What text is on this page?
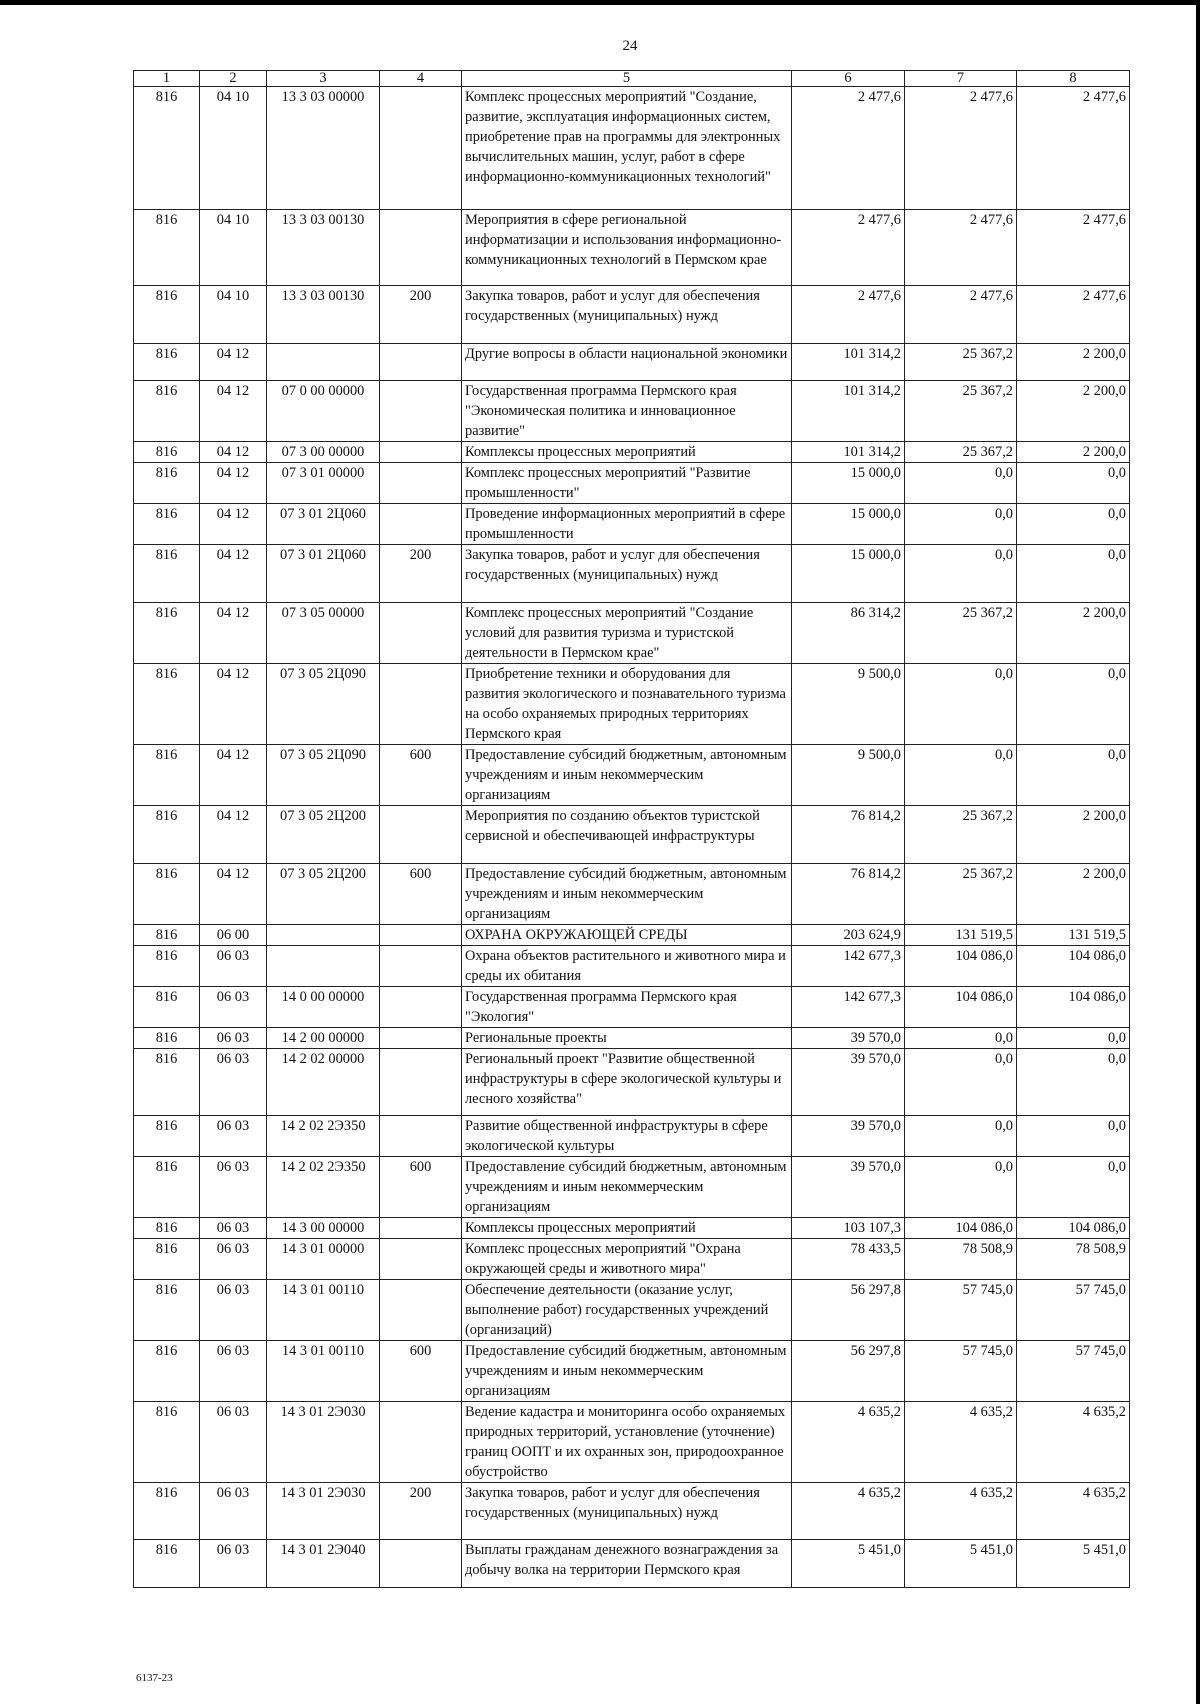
24
1	2	3	4	5	6	7	8
816	04 10	13 3 03 00000		Комплекс процессных мероприятий "Создание, развитие, эксплуатация информационных систем, приобретение прав на программы для электронных вычислительных машин, услуг, работ в сфере информационно-коммуникационных технологий"	2 477,6	2 477,6	2 477,6
816	04 10	13 3 03 00130		Мероприятия в сфере региональной информатизации и использования информационно-коммуникационных технологий в Пермском крае	2 477,6	2 477,6	2 477,6
816	04 10	13 3 03 00130	200	Закупка товаров, работ и услуг для обеспечения государственных (муниципальных) нужд	2 477,6	2 477,6	2 477,6
816	04 12			Другие вопросы в области национальной экономики	101 314,2	25 367,2	2 200,0
816	04 12	07 0 00 00000		Государственная программа Пермского края "Экономическая политика и инновационное развитие"	101 314,2	25 367,2	2 200,0
816	04 12	07 3 00 00000		Комплексы процессных мероприятий	101 314,2	25 367,2	2 200,0
816	04 12	07 3 01 00000		Комплекс процессных мероприятий "Развитие промышленности"	15 000,0	0,0	0,0
816	04 12	07 3 01 2Ц060		Проведение информационных мероприятий в сфере промышленности	15 000,0	0,0	0,0
816	04 12	07 3 01 2Ц060	200	Закупка товаров, работ и услуг для обеспечения государственных (муниципальных) нужд	15 000,0	0,0	0,0
816	04 12	07 3 05 00000		Комплекс процессных мероприятий "Создание условий для развития туризма и туристской деятельности в Пермском крае"	86 314,2	25 367,2	2 200,0
816	04 12	07 3 05 2Ц090		Приобретение техники и оборудования для развития экологического и познавательного туризма на особо охраняемых природных территориях Пермского края	9 500,0	0,0	0,0
816	04 12	07 3 05 2Ц090	600	Предоставление субсидий бюджетным, автономным учреждениям и иным некоммерческим организациям	9 500,0	0,0	0,0
816	04 12	07 3 05 2Ц200		Мероприятия по созданию объектов туристской сервисной и обеспечивающей инфраструктуры	76 814,2	25 367,2	2 200,0
816	04 12	07 3 05 2Ц200	600	Предоставление субсидий бюджетным, автономным учреждениям и иным некоммерческим организациям	76 814,2	25 367,2	2 200,0
816	06 00			ОХРАНА ОКРУЖАЮЩЕЙ СРЕДЫ	203 624,9	131 519,5	131 519,5
816	06 03			Охрана объектов растительного и животного мира и среды их обитания	142 677,3	104 086,0	104 086,0
816	06 03	14 0 00 00000		Государственная программа Пермского края "Экология"	142 677,3	104 086,0	104 086,0
816	06 03	14 2 00 00000		Региональные проекты	39 570,0	0,0	0,0
816	06 03	14 2 02 00000		Региональный проект "Развитие общественной инфраструктуры в сфере экологической культуры и лесного хозяйства"	39 570,0	0,0	0,0
816	06 03	14 2 02 2Э350		Развитие общественной инфраструктуры в сфере экологической культуры	39 570,0	0,0	0,0
816	06 03	14 2 02 2Э350	600	Предоставление субсидий бюджетным, автономным учреждениям и иным некоммерческим организациям	39 570,0	0,0	0,0
816	06 03	14 3 00 00000		Комплексы процессных мероприятий	103 107,3	104 086,0	104 086,0
816	06 03	14 3 01 00000		Комплекс процессных мероприятий "Охрана окружающей среды и животного мира"	78 433,5	78 508,9	78 508,9
816	06 03	14 3 01 00110		Обеспечение деятельности (оказание услуг, выполнение работ) государственных учреждений (организаций)	56 297,8	57 745,0	57 745,0
816	06 03	14 3 01 00110	600	Предоставление субсидий бюджетным, автономным учреждениям и иным некоммерческим организациям	56 297,8	57 745,0	57 745,0
816	06 03	14 3 01 2Э030		Ведение кадастра и мониторинга особо охраняемых природных территорий, установление (уточнение) границ ООПТ и их охранных зон, природоохранное обустройство	4 635,2	4 635,2	4 635,2
816	06 03	14 3 01 2Э030	200	Закупка товаров, работ и услуг для обеспечения государственных (муниципальных) нужд	4 635,2	4 635,2	4 635,2
816	06 03	14 3 01 2Э040		Выплаты гражданам денежного вознаграждения за добычу волка на территории Пермского края	5 451,0	5 451,0	5 451,0
6137-23
